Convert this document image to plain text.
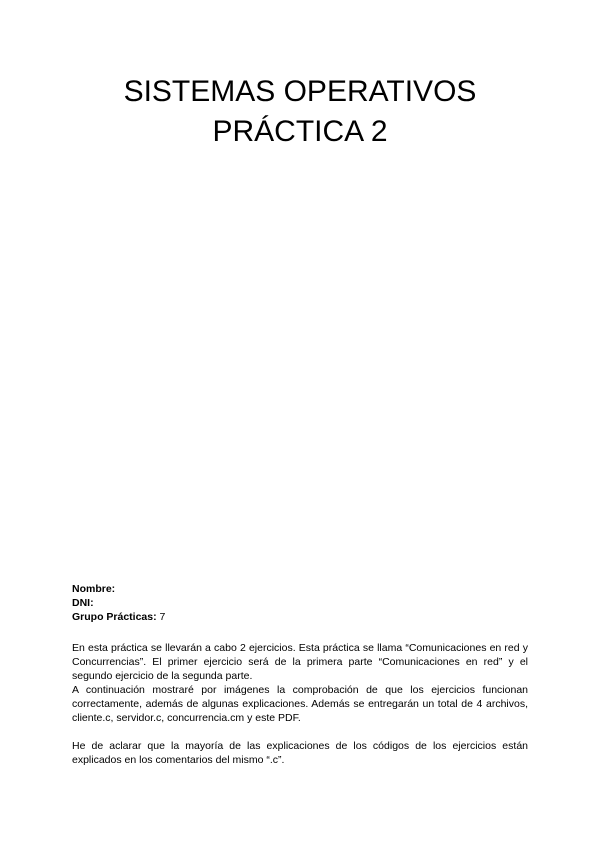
SISTEMAS OPERATIVOS

PRÁCTICA 2

Nombre:

DNI:

Grupo Prácticas: 7

En esta práctica se llevarán a cabo 2 ejercicios. Esta práctica se llama “Comunicaciones en red y Concurrencias”. El primer ejercicio será de la primera parte “Comunicaciones en red” y el segundo ejercicio de la segunda parte.

A continuación mostraré por imágenes la comprobación de que los ejercicios funcionan correctamente, además de algunas explicaciones. Además se entregarán un total de 4 archivos, cliente.c, servidor.c, concurrencia.cm y este PDF.

He de aclarar que la mayoría de las explicaciones de los códigos de los ejercicios están explicados en los comentarios del mismo “.c”.
